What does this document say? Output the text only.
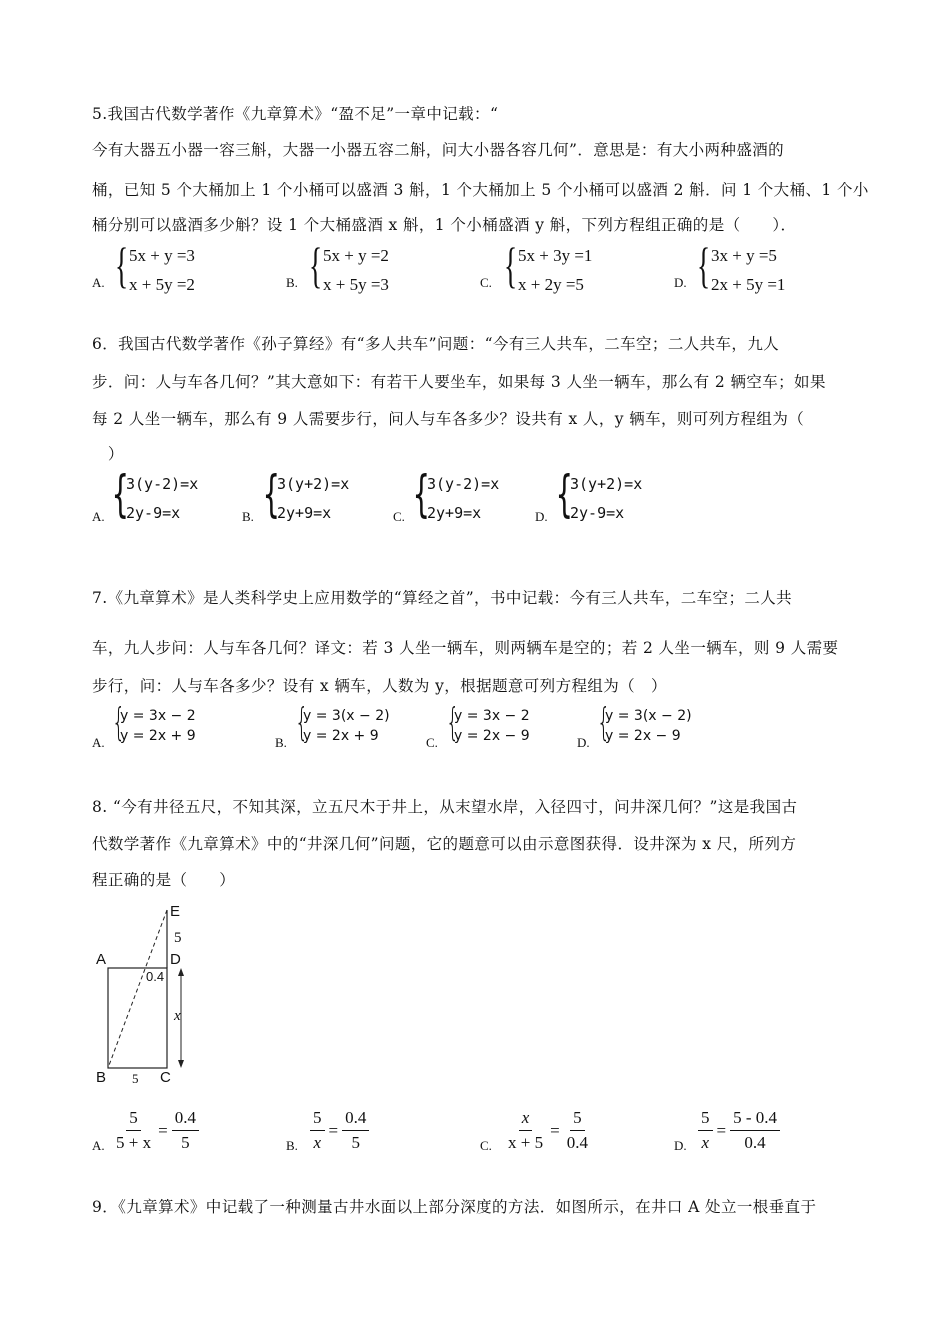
5.我国古代数学著作《九章算术》“盈不足”一章中记载：“
今有大器五小器一容三斛，大器一小器五容二斛，问大小器各容几何”．意思是：有大小两种盛酒的
桶，已知 5 个大桶加上 1 个小桶可以盛酒 3 斛，1 个大桶加上 5 个小桶可以盛酒 2 斛．问 1 个大桶、1 个小
桶分别可以盛酒多少斛？设 1 个大桶盛酒 x 斛，1 个小桶盛酒 y 斛，下列方程组正确的是（　　）．
A. { 5x + y =3
x + 5y =2	B. { 5x + y =2
x + 5y =3	C. { 5x + 3y =1
x + 2y =5	D. { 3x + y =5
2x + 5y =1
6．我国古代数学著作《孙子算经》有“多人共车”问题：“今有三人共车，二车空；二人共车，九人
步．问：人与车各几何？”其大意如下：有若干人要坐车，如果每 3 人坐一辆车，那么有 2 辆空车；如果
每 2 人坐一辆车，那么有 9 人需要步行，问人与车各多少？设共有 x 人，y 辆车，则可列方程组为（
　）
A. {
3(y-2)=x
2y-9=x	B. {
3(y+2)=x
2y+9=x	C. {
3(y-2)=x
2y+9=x	D. {
3(y+2)=x
2y-9=x
7.《九章算术》是人类科学史上应用数学的“算经之首”，书中记载：今有三人共车，二车空；二人共
车，九人步问：人与车各几何？译文：若 3 人坐一辆车，则两辆车是空的；若 2 人坐一辆车，则 9 人需要
步行，问：人与车各多少？设有 x 辆车，人数为 y，根据题意可列方程组为（　）
A. {
y = 3x − 2
y = 2x + 9	B. {
y = 3(x − 2)
y = 2x + 9	C. {
y = 3x − 2
y = 2x − 9	D. {
y = 3(x − 2)
y = 2x − 9
8. “今有井径五尺，不知其深，立五尺木于井上，从末望水岸，入径四寸，问井深几何？”这是我国古
代数学著作《九章算术》中的“井深几何”问题，它的题意可以由示意图获得．设井深为 x 尺，所列方
程正确的是（　　）
E
5
A	D
0.4
x
B 5 C
A. $\frac{5}{5 + x} = \frac{0.4}{5}$	B. $\frac{5}{x} = \frac{0.4}{5}$	C. $\frac{x}{x + 5} = \frac{5}{0.4}$	D. $\frac{5}{x} = \frac{5 - 0.4}{0.4}$
9．《九章算术》中记载了一种测量古井水面以上部分深度的方法．如图所示，在井口 A 处立一根垂直于
